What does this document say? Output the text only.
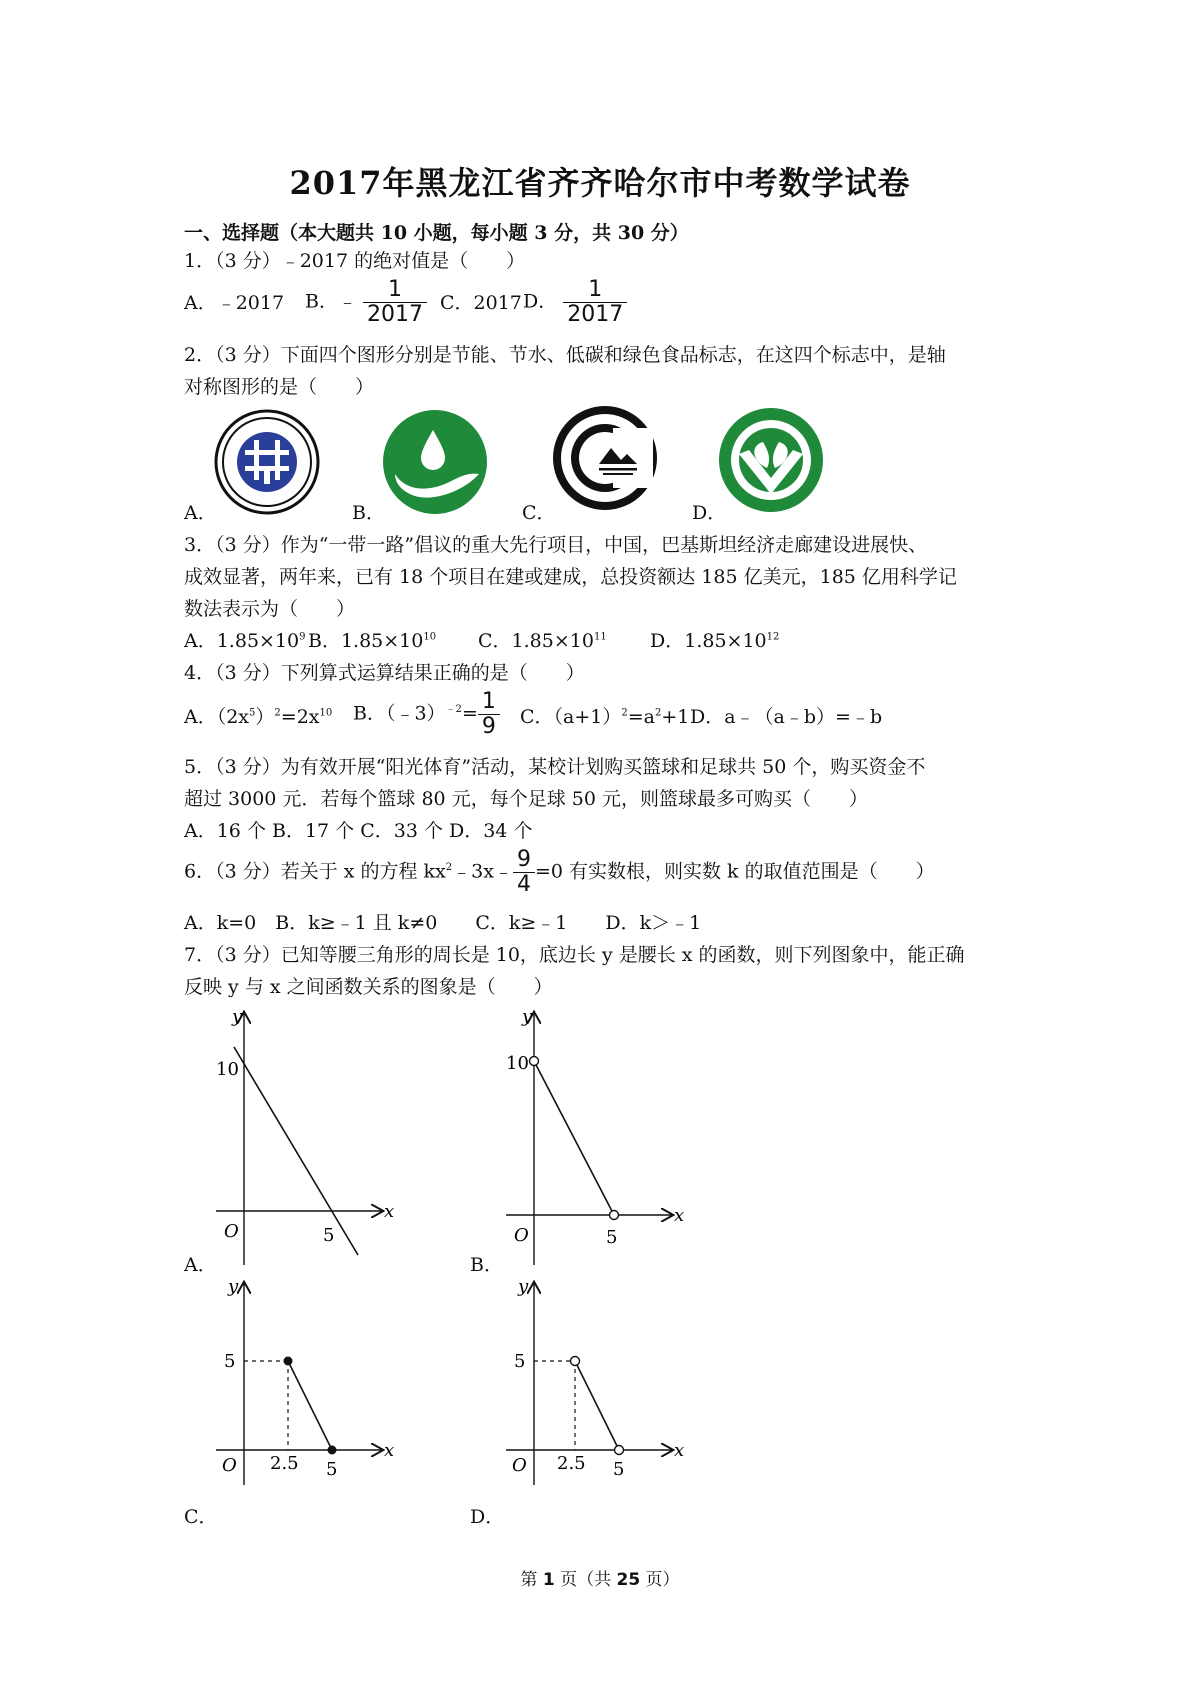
2017年黑龙江省齐齐哈尔市中考数学试卷
一、选择题（本大题共 10 小题，每小题 3 分，共 30 分）
1．（3 分）﹣2017 的绝对值是（　　）
A．﹣2017 B．﹣ $\frac{1}{2017}$ C．2017 D． $\frac{1}{2017}$
2．（3 分）下面四个图形分别是节能、节水、低碳和绿色食品标志，在这四个标志中，是轴
对称图形的是（　　）
A．	B．	C．	D．
3．（3 分）作为“一带一路”倡议的重大先行项目，中国，巴基斯坦经济走廊建设进展快、
成效显著，两年来，已有 18 个项目在建或建成，总投资额达 185 亿美元，185 亿用科学记
数法表示为（　　）
A．$1.85\times 10^9$ B．$1.85\times 10^{10}$ C．$1.85\times 10^{11}$ D．$1.85\times 10^{12}$
4．（3 分）下列算式运算结果正确的是（　　）
A．$(2x^5)^2=2x^{10}$ B．（﹣3）$^{﹣2}$= $\frac{1}{9}$ C．$(a+1)^2=a^2+1$ D．a﹣（a﹣b）=﹣b
5．（3 分）为有效开展“阳光体育”活动，某校计划购买篮球和足球共 50 个，购买资金不
超过 3000 元．若每个篮球 80 元，每个足球 50 元，则篮球最多可购买（　　）
A．16 个 B．17 个 C．33 个 D．34 个
6．（3 分）若关于 x 的方程 $kx^2﹣3x﹣ \frac{9}{4} =0$ 有实数根，则实数 k 的取值范围是（　　）
A．k=0　B．k≥﹣1 且 k≠0　　C．k≥﹣1　　D．k＞﹣1
7．（3 分）已知等腰三角形的周长是 10，底边长 y 是腰长 x 的函数，则下列图象中，能正确
反映 y 与 x 之间函数关系的图象是（　　）
y
x
O
10
5
y
x
O
10
5
y
x
O
5
2.5 5
y
x
O
5
2.5 5
A．	B．
C．	D．
第 1 页（共 25 页）
